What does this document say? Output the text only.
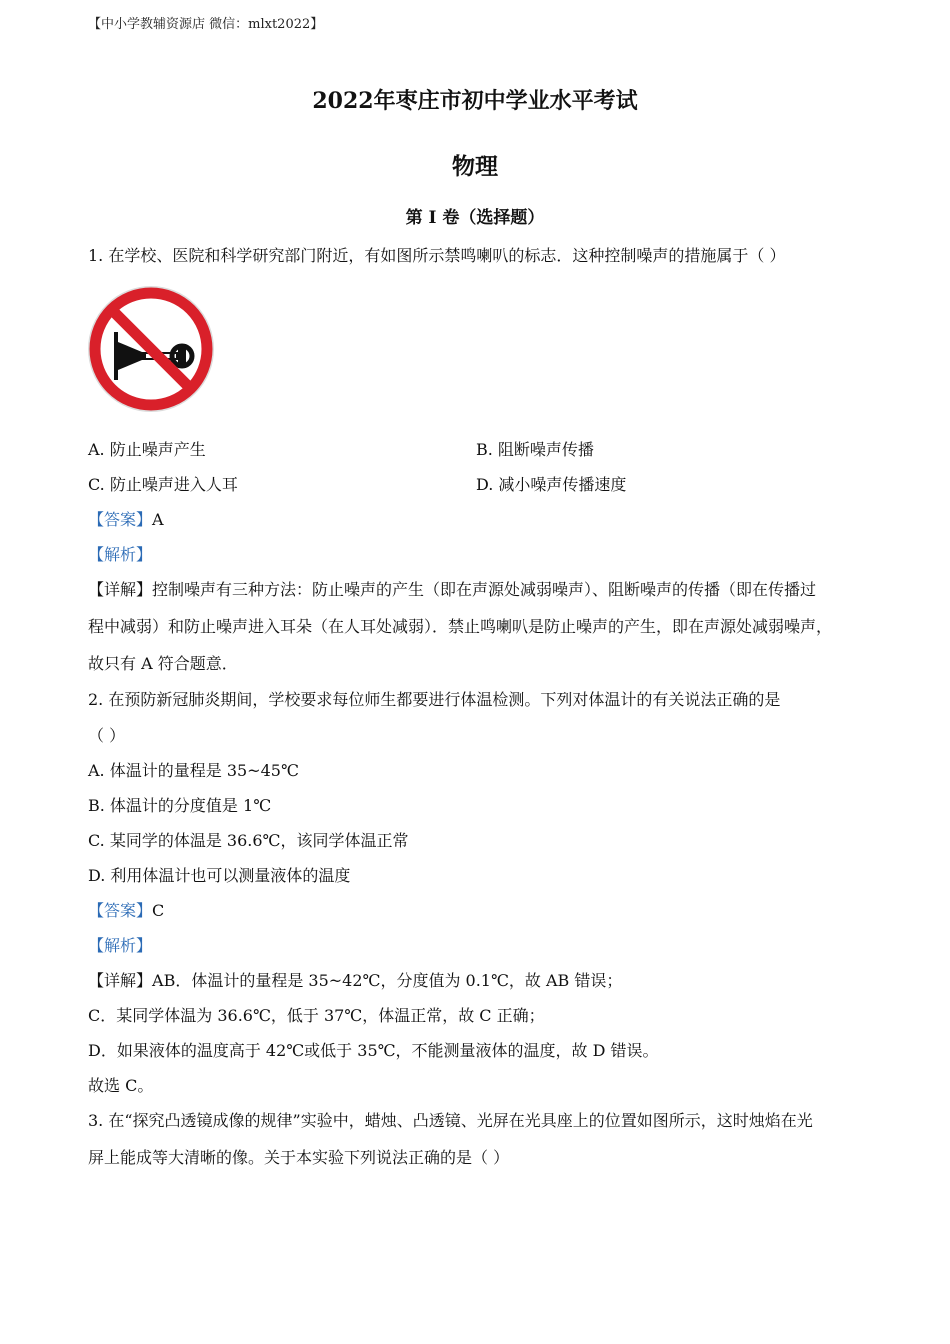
【中小学教辅资源店 微信：mlxt2022】
2022年枣庄市初中学业水平考试
物理
第 I 卷（选择题）
1. 在学校、医院和科学研究部门附近，有如图所示禁鸣喇叭的标志．这种控制噪声的措施属于（ ）
A. 防止噪声产生	B. 阻断噪声传播
C. 防止噪声进入人耳	D. 减小噪声传播速度
【答案】A
【解析】
【详解】控制噪声有三种方法：防止噪声的产生（即在声源处减弱噪声）、阻断噪声的传播（即在传播过
程中减弱）和防止噪声进入耳朵（在人耳处减弱）．禁止鸣喇叭是防止噪声的产生，即在声源处减弱噪声，
故只有 A 符合题意．
2. 在预防新冠肺炎期间，学校要求每位师生都要进行体温检测。下列对体温计的有关说法正确的是
（ ）
A. 体温计的量程是 35~45℃
B. 体温计的分度值是 1℃
C. 某同学的体温是 36.6℃，该同学体温正常
D. 利用体温计也可以测量液体的温度
【答案】C
【解析】
【详解】AB．体温计的量程是 35~42℃，分度值为 0.1℃，故 AB 错误；
C．某同学体温为 36.6℃，低于 37℃，体温正常，故 C 正确；
D．如果液体的温度高于 42℃或低于 35℃，不能测量液体的温度，故 D 错误。
故选 C。
3. 在“探究凸透镜成像的规律”实验中，蜡烛、凸透镜、光屏在光具座上的位置如图所示，这时烛焰在光
屏上能成等大清晰的像。关于本实验下列说法正确的是（ ）
